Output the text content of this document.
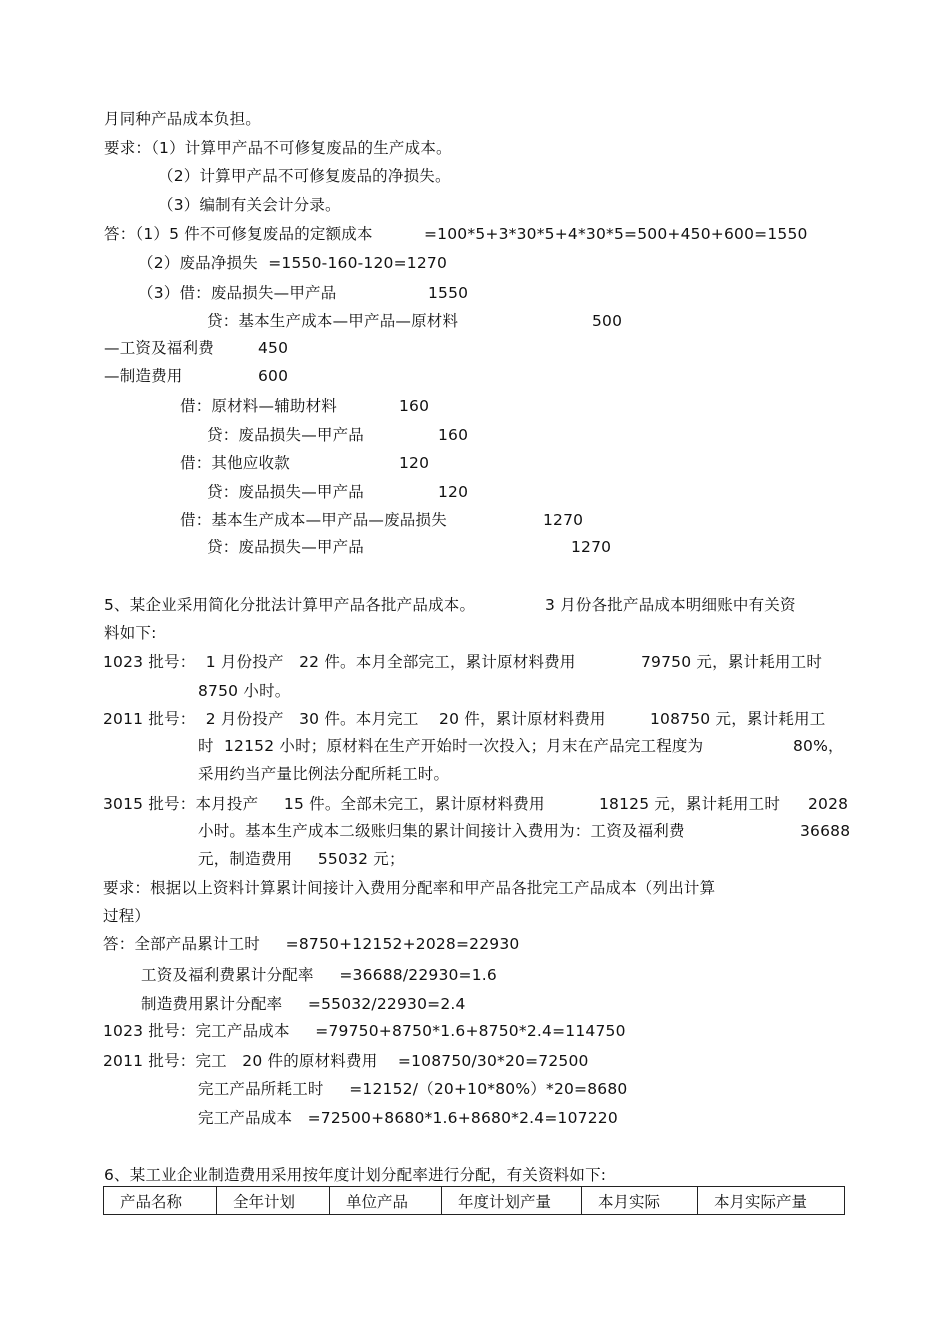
月同种产品成本负担。
要求：（1）计算甲产品不可修复废品的生产成本。
（2）计算甲产品不可修复废品的净损失。
（3）编制有关会计分录。
答：（1）5 件不可修复废品的定额成本	=100*5+3*30*5+4*30*5=500+450+600=1550
（2）废品净损失  =1550-160-120=1270
（3）借：废品损失—甲产品	1550
贷：基本生产成本—甲产品—原材料	500
—工资及福利费	450
—制造费用	600
借：原材料—辅助材料	160
贷：废品损失—甲产品	160
借：其他应收款	120
贷：废品损失—甲产品	120
借：基本生产成本—甲产品—废品损失	1270
贷：废品损失—甲产品	1270
5、某企业采用简化分批法计算甲产品各批产品成本。	3 月份各批产品成本明细账中有关资
料如下:
1023 批号：  1 月份投产   22 件。本月全部完工，累计原材料费用	79750 元，累计耗用工时
8750 小时。
2011 批号：  2 月份投产   30 件。本月完工    20 件，累计原材料费用	108750 元，累计耗用工
时  12152 小时；原材料在生产开始时一次投入；月末在产品完工程度为	80%，
采用约当产量比例法分配所耗工时。
3015 批号：本月投产     15 件。全部未完工，累计原材料费用	18125 元，累计耗用工时 2028
小时。基本生产成本二级账归集的累计间接计入费用为：工资及福利费	36688
元，制造费用     55032 元；
要求：根据以上资料计算累计间接计入费用分配率和甲产品各批完工产品成本（列出计算
过程）
答：全部产品累计工时     =8750+12152+2028=22930
工资及福利费累计分配率     =36688/22930=1.6
制造费用累计分配率     =55032/22930=2.4
1023 批号：完工产品成本     =79750+8750*1.6+8750*2.4=114750
2011 批号：完工   20 件的原材料费用    =108750/30*20=72500
完工产品所耗工时     =12152/（20+10*80%）*20=8680
完工产品成本   =72500+8680*1.6+8680*2.4=107220
6、某工业企业制造费用采用按年度计划分配率进行分配，有关资料如下:
产品名称	全年计划	单位产品	年度计划产量	本月实际	本月实际产量
